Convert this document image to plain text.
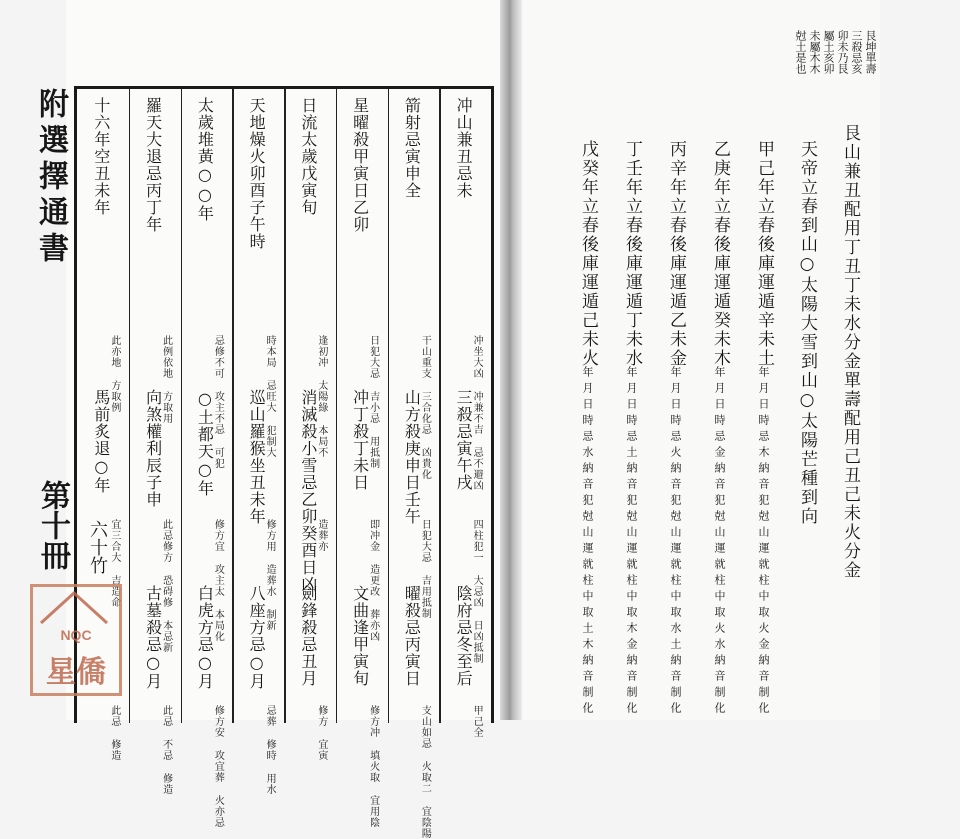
附選擇通書
第十冊 六十竹
冲山兼丑忌未
冲坐大凶 冲兼不吉 忌不避凶
三殺忌寅午戌
四柱犯一 大忌凶 日凶抵制
陰府忌冬至后
甲己全
箭射忌寅申全
干山重支 三合化忌 凶貴化
山方殺庚申日壬午
日犯大忌 吉用抵制
曜殺忌丙寅日
支山如忌 火取二 宜陰陽
星曜殺甲寅日乙卯
日犯大忌 吉小忌 用抵制
冲丁殺丁未日
即冲金 造更改 葬亦凶
文曲逢甲寅旬
修方冲 填火取 宜用陰
日流太歲戊寅旬
逢初冲 太陽綠 本局不
消滅殺小雪忌乙卯癸酉日凶
造葬亦
劍鋒殺忌丑月
修方 宜寅
天地燥火卯酉子午時
時本局 忌旺大 犯制大
巡山羅猴坐丑未年
修方用 造葬水 制新
八座方忌○月
忌葬 修時 用水
太歲堆黃○○年
忌修不可 攻主不忌 可犯
○土都天○年
修方宜 攻主太 本局化
白虎方忌○月
修方安 攻宜葬 火亦忌
羅天大退忌丙丁年
此例依地 方取用
向煞權利辰子申
此忌修方 恐碍修 本忌新
古墓殺忌○月
此忌 不忌 修造
十六年空丑未年
此亦地 方取例
馬前炙退○年
宜三合大 吉造命
此忌 修造
艮坤單壽
三殺忌亥
卯未乃艮
屬土亥卯
未屬木木
尅土是也
艮山兼丑配用丁丑丁未水分金單壽配用己丑己未火分金
天帝立春到山○太陽大雪到山○太陽芒種到向
甲己年立春後庫運遁辛未土
年月日時忌木納音犯尅山運就柱中取火金納音制化
乙庚年立春後庫運遁癸未木
年月日時忌金納音犯尅山運就柱中取火水納音制化
丙辛年立春後庫運遁乙未金
年月日時忌火納音犯尅山運就柱中取水土納音制化
丁壬年立春後庫運遁丁未水
年月日時忌土納音犯尅山運就柱中取木金納音制化
戊癸年立春後庫運遁己未火
年月日時忌水納音犯尅山運就柱中取土木納音制化
NQC
星僑
